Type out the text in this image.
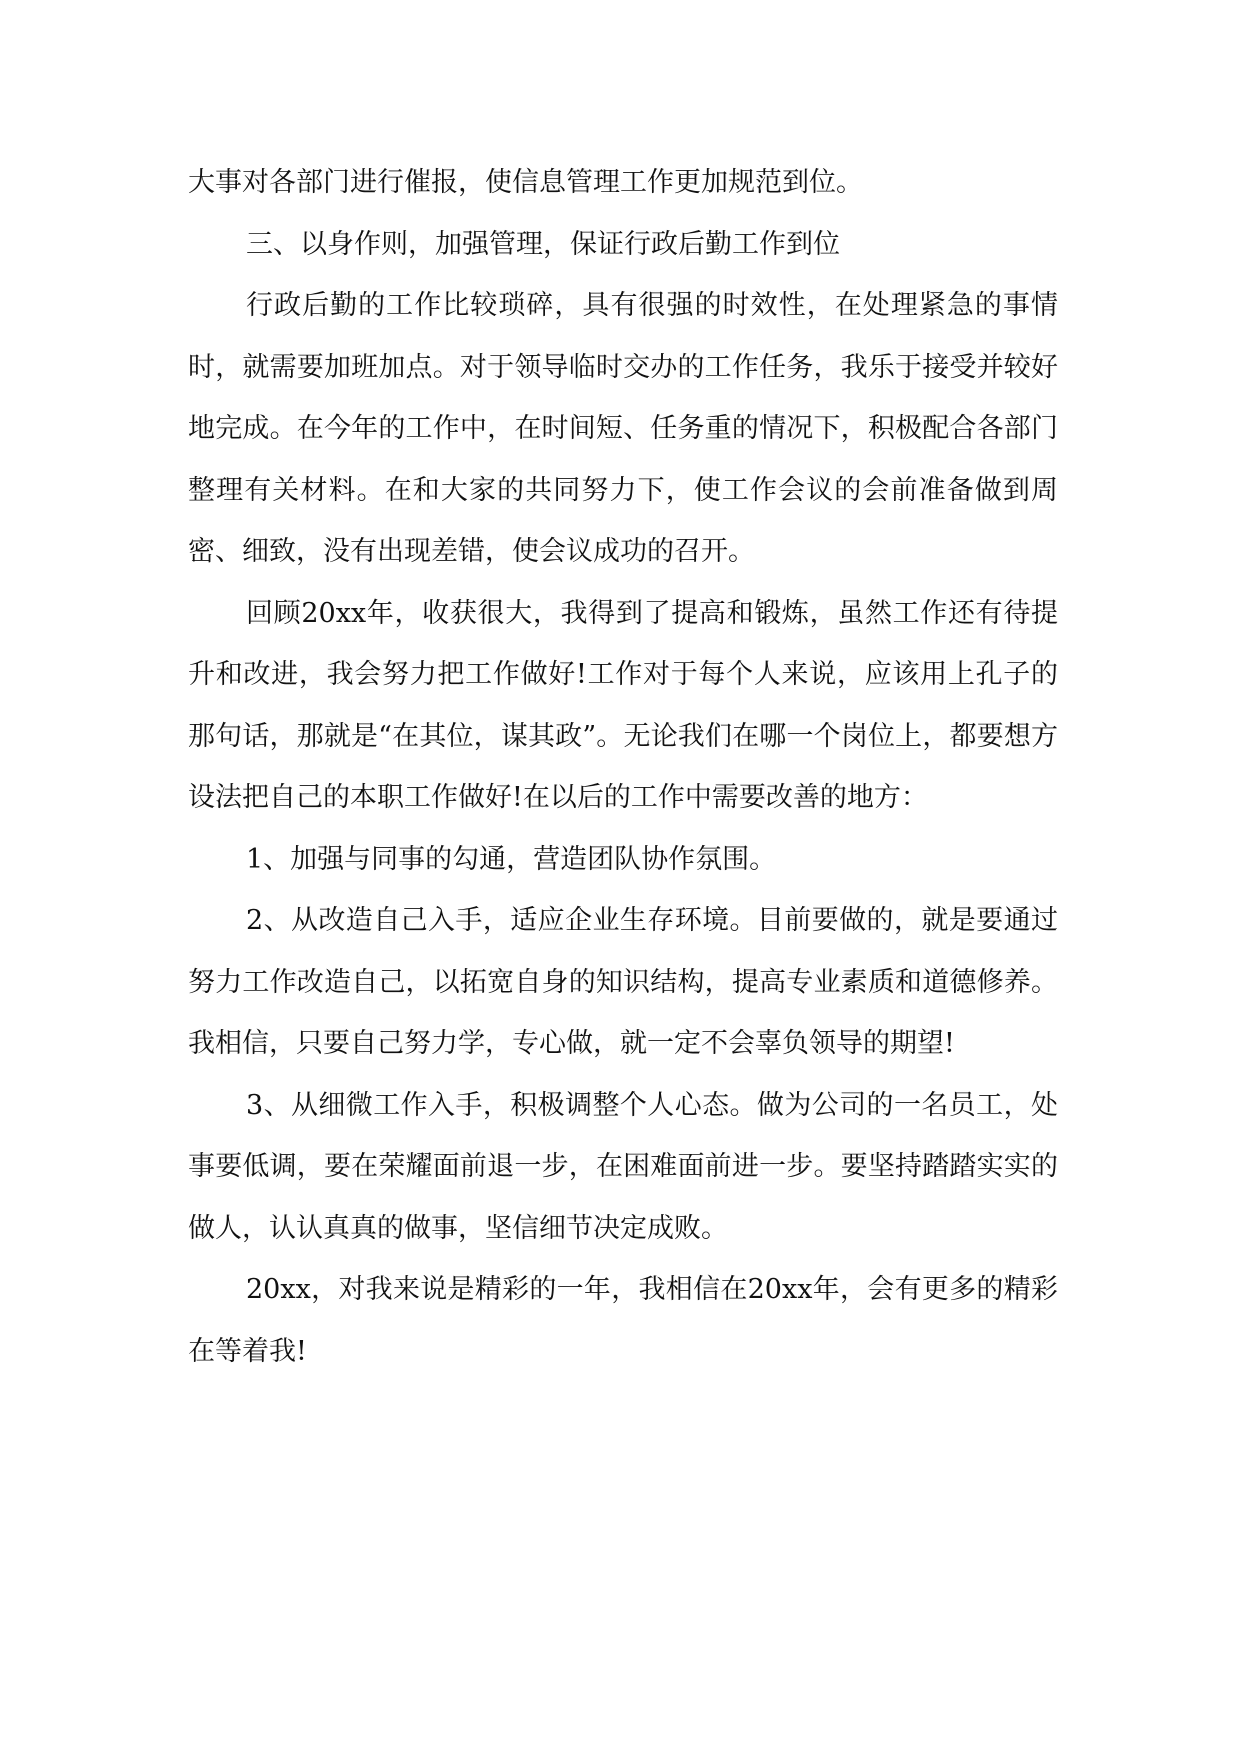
大事对各部门进行催报，使信息管理工作更加规范到位。

三、以身作则，加强管理，保证行政后勤工作到位

行政后勤的工作比较琐碎，具有很强的时效性，在处理紧急的事情时，就需要加班加点。对于领导临时交办的工作任务，我乐于接受并较好地完成。在今年的工作中，在时间短、任务重的情况下，积极配合各部门整理有关材料。在和大家的共同努力下，使工作会议的会前准备做到周密、细致，没有出现差错，使会议成功的召开。

回顾20xx年，收获很大，我得到了提高和锻炼，虽然工作还有待提升和改进，我会努力把工作做好!工作对于每个人来说，应该用上孔子的那句话，那就是“在其位，谋其政”。无论我们在哪一个岗位上，都要想方设法把自己的本职工作做好!在以后的工作中需要改善的地方：

1、加强与同事的勾通，营造团队协作氛围。

2、从改造自己入手，适应企业生存环境。目前要做的，就是要通过努力工作改造自己，以拓宽自身的知识结构，提高专业素质和道德修养。我相信，只要自己努力学，专心做，就一定不会辜负领导的期望!

3、从细微工作入手，积极调整个人心态。做为公司的一名员工，处事要低调，要在荣耀面前退一步，在困难面前进一步。要坚持踏踏实实的做人，认认真真的做事，坚信细节决定成败。

20xx，对我来说是精彩的一年，我相信在20xx年，会有更多的精彩在等着我!
